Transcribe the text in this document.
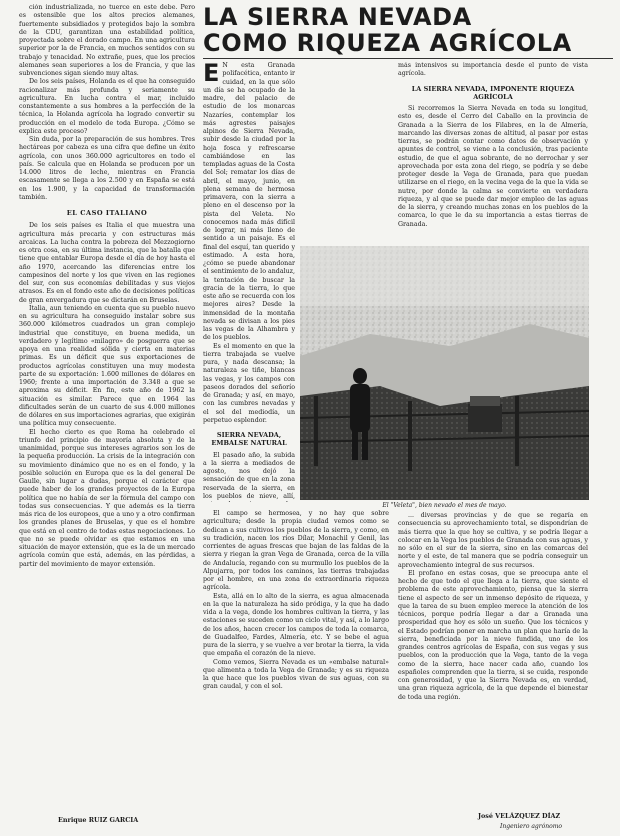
LA SIERRA NEVADA
COMO RIQUEZA AGRÍCOLA

ción industrializada, no tuerce en este debe. Pero es ostensible que los altos precios alemanes, fuertemente subsidiados y protegidos bajo la sombra de la CDU, garantizan una estabilidad política, proyectada sobre el dorado campo. En una agricultura superior por la de Francia, en muchos sentidos con su trabajo y tenacidad. No extrañe, pues, que los precios alemanes sean superiores a los de Francia, y que las subvenciones sigan siendo muy altas.

De los seis países, Holanda es el que ha conseguido racionalizar más profunda y seriamente su agricultura. En lucha contra el mar, incluido constantemente a sus hombres a la perfección de la técnica, la Holanda agrícola ha logrado convertir su producción en el modelo de toda Europa. ¿Cómo se explica este proceso?

Sin duda, por la preparación de sus hombres. Tres hectáreas por cabeza es una cifra que define un éxito agrícola, con unos 360.000 agricultores en todo el país. Se calcula que en Holanda se producen por un 14.000 litros de leche, mientras en Francia escasamente se llega a los 2.500 y en España se está en los 1.900, y la capacidad de transformación también.

EL CASO ITALIANO

De los seis países es Italia el que muestra una agricultura más precaria y con estructuras más arcaicas. La lucha contra la pobreza del Mezzogiorno es otra cosa, en su última instancia, que la batalla que tiene que entablar Europa desde el día de hoy hasta el año 1970, acercando las diferencias entre los campesinos del norte y los que viven en las regiones del sur, con sus economías debilitadas y sus viejos atrasos. Es en el fondo este año de decisiones políticas de gran envergadura que se dictarán en Bruselas.

Italia, aun teniendo en cuenta que su pueblo nuevo en su agricultura ha conseguido instalar sobre sus 360.000 kilómetros cuadrados un gran complejo industrial que constituye, en buena medida, un verdadero y legítimo «milagro» de posguerra que se apoya en una realidad sólida y cierta en materias primas. Es un déficit que sus exportaciones de productos agrícolas constituyen una muy modesta parte de su exportación: 1.600 millones de dólares en 1960; frente a una importación de 3.348 a que se aproxima su déficit. En fin, este año de 1962 la situación es similar. Parece que en 1964 las dificultades serán de un cuarto de sus 4.000 millones de dólares en sus importaciones agrarias, que exigirán una política muy consecuente.

El hecho cierto es que Roma ha celebrado el triunfo del principio de mayoría absoluta y de la unanimidad, porque sus intereses agrarios son los de la pequeña producción. La crisis de la integración con su movimiento dinámico que no es en el fondo, y la posible solución en Europa que es la del general De Gaulle, sin lugar a dudas, porque el carácter que puede haber de los grandes proyectos de la Europa política que no había de ser la fórmula del campo con todas sus consecuencias. Y que además es la tierra más rica de los europeos, que a uno y a otro confirman los grandes planes de Bruselas, y que es el hombre que está en el centro de todas estas negociaciones. Lo que no se puede olvidar es que estamos en una situación de mayor extensión, que es la de un mercado agrícola común que está, además, en las pérdidas, a partir del movimiento de mayor extensión.

Enrique RUIZ GARCIA

E N esta Granada polifacética, entanto ir cuidad, en la que sólo un día se ha ocupado de la madre, del palacio de estudio de los monarcas Nazaríes, contemplar los más agrestes paisajes alpinos de Sierra Nevada, subir desde la ciudad por la hoja fosca y refrescarse cambiándose en las templadas aguas de la Costa del Sol; rematar los días de abril, el mayo, junio, en plena semana de hermosa primavera, con la sierra a pleno en el descenso por la pista del Veleta. No conocemos nada más difícil de lograr, ni más lleno de sentido a un paisaje. Es el final del esquí, tan querido y estimado. A esta hora, ¿cómo se puede abandonar el sentimiento de lo andaluz, la tentación de buscar la gracia de la tierra, lo que este año se recuerda con los mejores aires? Desde la inmensidad de la montaña nevada se divisan a los pies las vegas de la Alhambra y de los pueblos.

Es el momento en que la tierra trabajada se vuelve pura, y nada descansa; la naturaleza se tiñe, blancas las vegas, y los campos con paseos dorados del señorío de Granada; y así, en mayo, con las cumbres nevadas y el sol del mediodía, un perpetuo esplendor.

SIERRA NEVADA, EMBALSE NATURAL

El pasado año, la subida a la sierra a mediados de agosto, nos dejó la sensación de que en la zona reservada de la sierra, en los pueblos de nieve, allí,

El campo se hermosea, y no hay que sobre agricultura; desde la propia ciudad vemos como se dedican a sus cultivos los pueblos de la sierra, y como, en su tradición, nacen los ríos Dílar, Monachil y Genil, las corrientes de aguas frescas que bajan de las faldas de la sierra y riegan la gran Vega de Granada, cerca de la villa de Andalucía, regando con su murmullo los pueblos de la Alpujarra, por todos los caminos, las tierras trabajadas por el hombre, en una zona de extraordinaria riqueza agrícola.

Esta, allá en lo alto de la sierra, es agua almacenada en la que la naturaleza ha sido pródiga, y la que ha dado vida a la vega, donde los hombres cultivan la tierra, y las estaciones se suceden como un ciclo vital, y así, a lo largo de los años, hacen crecer los campos de toda la comarca, de Guadalfeo, Fardes, Almería, etc. Y se bebe el agua pura de la sierra, y se vuelve a ver brotar la tierra, la vida que empaña el corazón de la nieve.

Como vemos, Sierra Nevada es un «embalse natural» que alimenta a toda la Vega de Granada; y es su riqueza la que hace que los pueblos vivan de sus aguas, con su gran caudal, y con el sol.

más intensivos su importancia desde el punto de vista agrícola.

LA SIERRA NEVADA, IMPONENTE RIQUEZA AGRÍCOLA

Si recorremos la Sierra Nevada en toda su longitud, esto es, desde el Cerro del Caballo en la provincia de Granada a la Sierra de los Filabres, en la de Almería, marcando las diversas zonas de altitud, al pasar por estas tierras, se podrán contar como datos de observación y apuntes de control, se viene a la conclusión, tras paciente estudio, de que el agua sobrante, de no derrochar y ser aprovechada por esta zona del riego, se podría y se debe proteger desde la Vega de Granada, para que puedan utilizarse en el riego, en la vecina vega de la que la vida se nutre, por donde la calma se convierte en verdadera riqueza, y al que se puede dar mejor empleo de las aguas de la sierra, y creando muchas zonas en los pueblos de la comarca, lo que le da su importancia a estas tierras de Granada.

El "Veleta", bien nevado el mes de mayo.

... diversas provincias y de que se regaría en consecuencia su aprovechamiento total, se dispondrían de más tierra que la que hoy se cultiva, y se podría llegar a colocar en la Vega los pueblos de Granada con sus aguas, y no sólo en el sur de la sierra, sino en las comarcas del norte y el este, de tal manera que se podría conseguir un aprovechamiento integral de sus recursos.

El profano en estas cosas, que se preocupa ante el hecho de que todo el que llega a la tierra, que siente el problema de este aprovechamiento, piensa que la sierra tiene el aspecto de ser un inmenso depósito de riqueza, y que la tarea de su buen empleo merece la atención de los técnicos, porque podría llegar a dar a Granada una prosperidad que hoy es sólo un sueño. Que los técnicos y el Estado podrían poner en marcha un plan que haría de la sierra, beneficiada por la nieve fundida, uno de los grandes centros agrícolas de España, con sus vegas y sus pueblos, con la producción que la Vega, tanto de la vega como de la sierra, hace nacer cada año, cuando los españoles comprenden que la tierra, si se cuida, responde con generosidad, y que la Sierra Nevada es, en verdad, una gran riqueza agrícola, de la que depende el bienestar de toda una región.

José VELÁZQUEZ DÍAZ
Ingeniero agrónomo
